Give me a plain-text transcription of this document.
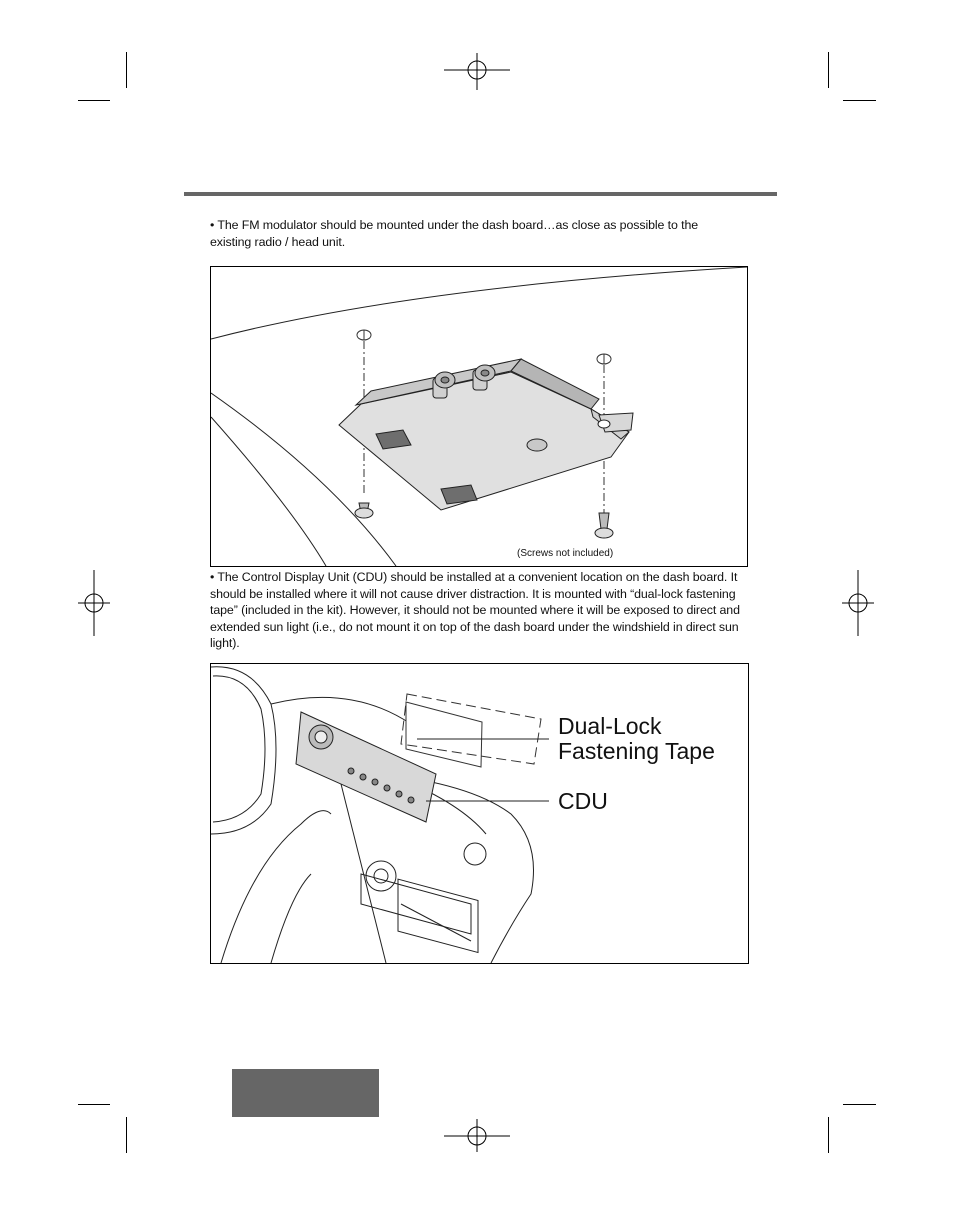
• The FM modulator should be mounted under the dash board…as close as possible to the existing radio / head unit.
(Screws not included)
• The Control Display Unit (CDU) should be installed at a convenient location on the dash board. It should be installed where it will not cause driver distraction. It is mounted with “dual-lock fastening tape” (included in the kit). However, it should not be mounted where it will be exposed to direct and extended sun light (i.e., do not mount it on top of the dash board under the windshield in direct sun light).
Dual-Lock
Fastening Tape
CDU
